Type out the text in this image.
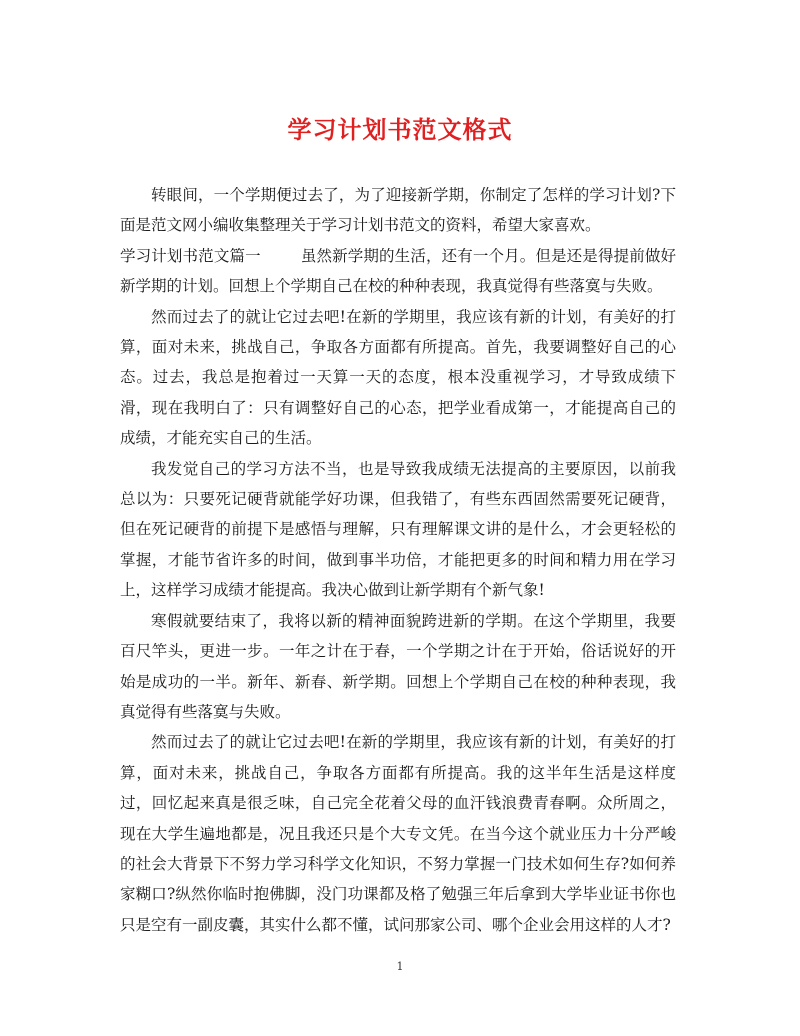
学习计划书范文格式

转眼间，一个学期便过去了，为了迎接新学期，你制定了怎样的学习计划?下面是范文网小编收集整理关于学习计划书范文的资料，希望大家喜欢。

学习计划书范文篇一	虽然新学期的生活，还有一个月。但是还是得提前做好新学期的计划。回想上个学期自己在校的种种表现，我真觉得有些落寞与失败。

然而过去了的就让它过去吧!在新的学期里，我应该有新的计划，有美好的打算，面对未来，挑战自己，争取各方面都有所提高。首先，我要调整好自己的心态。过去，我总是抱着过一天算一天的态度，根本没重视学习，才导致成绩下滑，现在我明白了：只有调整好自己的心态，把学业看成第一，才能提高自己的成绩，才能充实自己的生活。

我发觉自己的学习方法不当，也是导致我成绩无法提高的主要原因，以前我总以为：只要死记硬背就能学好功课，但我错了，有些东西固然需要死记硬背，但在死记硬背的前提下是感悟与理解，只有理解课文讲的是什么，才会更轻松的掌握，才能节省许多的时间，做到事半功倍，才能把更多的时间和精力用在学习上，这样学习成绩才能提高。我决心做到让新学期有个新气象!

寒假就要结束了，我将以新的精神面貌跨进新的学期。在这个学期里，我要百尺竿头，更进一步。一年之计在于春，一个学期之计在于开始，俗话说好的开始是成功的一半。新年、新春、新学期。回想上个学期自己在校的种种表现，我真觉得有些落寞与失败。

然而过去了的就让它过去吧!在新的学期里，我应该有新的计划，有美好的打算，面对未来，挑战自己，争取各方面都有所提高。我的这半年生活是这样度过，回忆起来真是很乏味，自己完全花着父母的血汗钱浪费青春啊。众所周之，现在大学生遍地都是，况且我还只是个大专文凭。在当今这个就业压力十分严峻的社会大背景下不努力学习科学文化知识，不努力掌握一门技术如何生存?如何养家糊口?纵然你临时抱佛脚，没门功课都及格了勉强三年后拿到大学毕业证书你也只是空有一副皮囊，其实什么都不懂，试问那家公司、哪个企业会用这样的人才?

1
